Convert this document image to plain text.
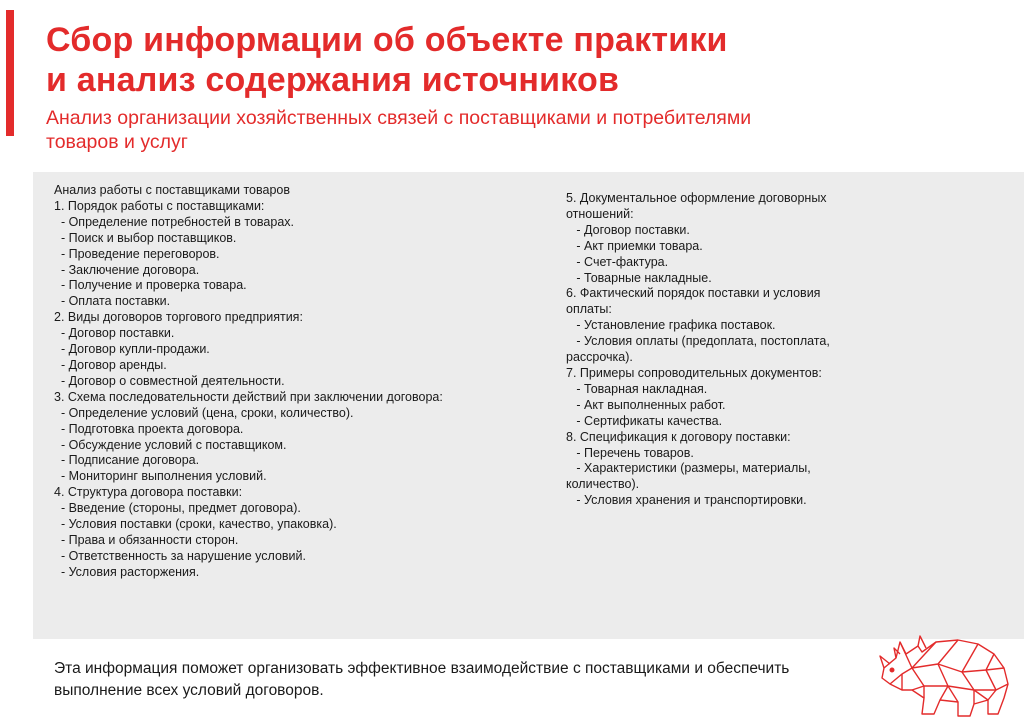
Сбор информации об объекте практики
и анализ содержания источников
Анализ организации хозяйственных связей с поставщиками и потребителями
товаров и услуг
Анализ работы с поставщиками товаров
1. Порядок работы с поставщиками:
- Определение потребностей в товарах.
- Поиск и выбор поставщиков.
- Проведение переговоров.
- Заключение договора.
- Получение и проверка товара.
- Оплата поставки.
2. Виды договоров торгового предприятия:
- Договор поставки.
- Договор купли-продажи.
- Договор аренды.
- Договор о совместной деятельности.
3. Схема последовательности действий при заключении договора:
- Определение условий (цена, сроки, количество).
- Подготовка проекта договора.
- Обсуждение условий с поставщиком.
- Подписание договора.
- Мониторинг выполнения условий.
4. Структура договора поставки:
- Введение (стороны, предмет договора).
- Условия поставки (сроки, качество, упаковка).
- Права и обязанности сторон.
- Ответственность за нарушение условий.
- Условия расторжения.
5. Документальное оформление договорных
отношений:
- Договор поставки.
- Акт приемки товара.
- Счет-фактура.
- Товарные накладные.
6. Фактический порядок поставки и условия
оплаты:
- Установление графика поставок.
- Условия оплаты (предоплата, постоплата,
рассрочка).
7. Примеры сопроводительных документов:
- Товарная накладная.
- Акт выполненных работ.
- Сертификаты качества.
8. Спецификация к договору поставки:
- Перечень товаров.
- Характеристики (размеры, материалы,
количество).
- Условия хранения и транспортировки.
Эта информация поможет организовать эффективное взаимодействие с поставщиками и обеспечить
выполнение всех условий договоров.
